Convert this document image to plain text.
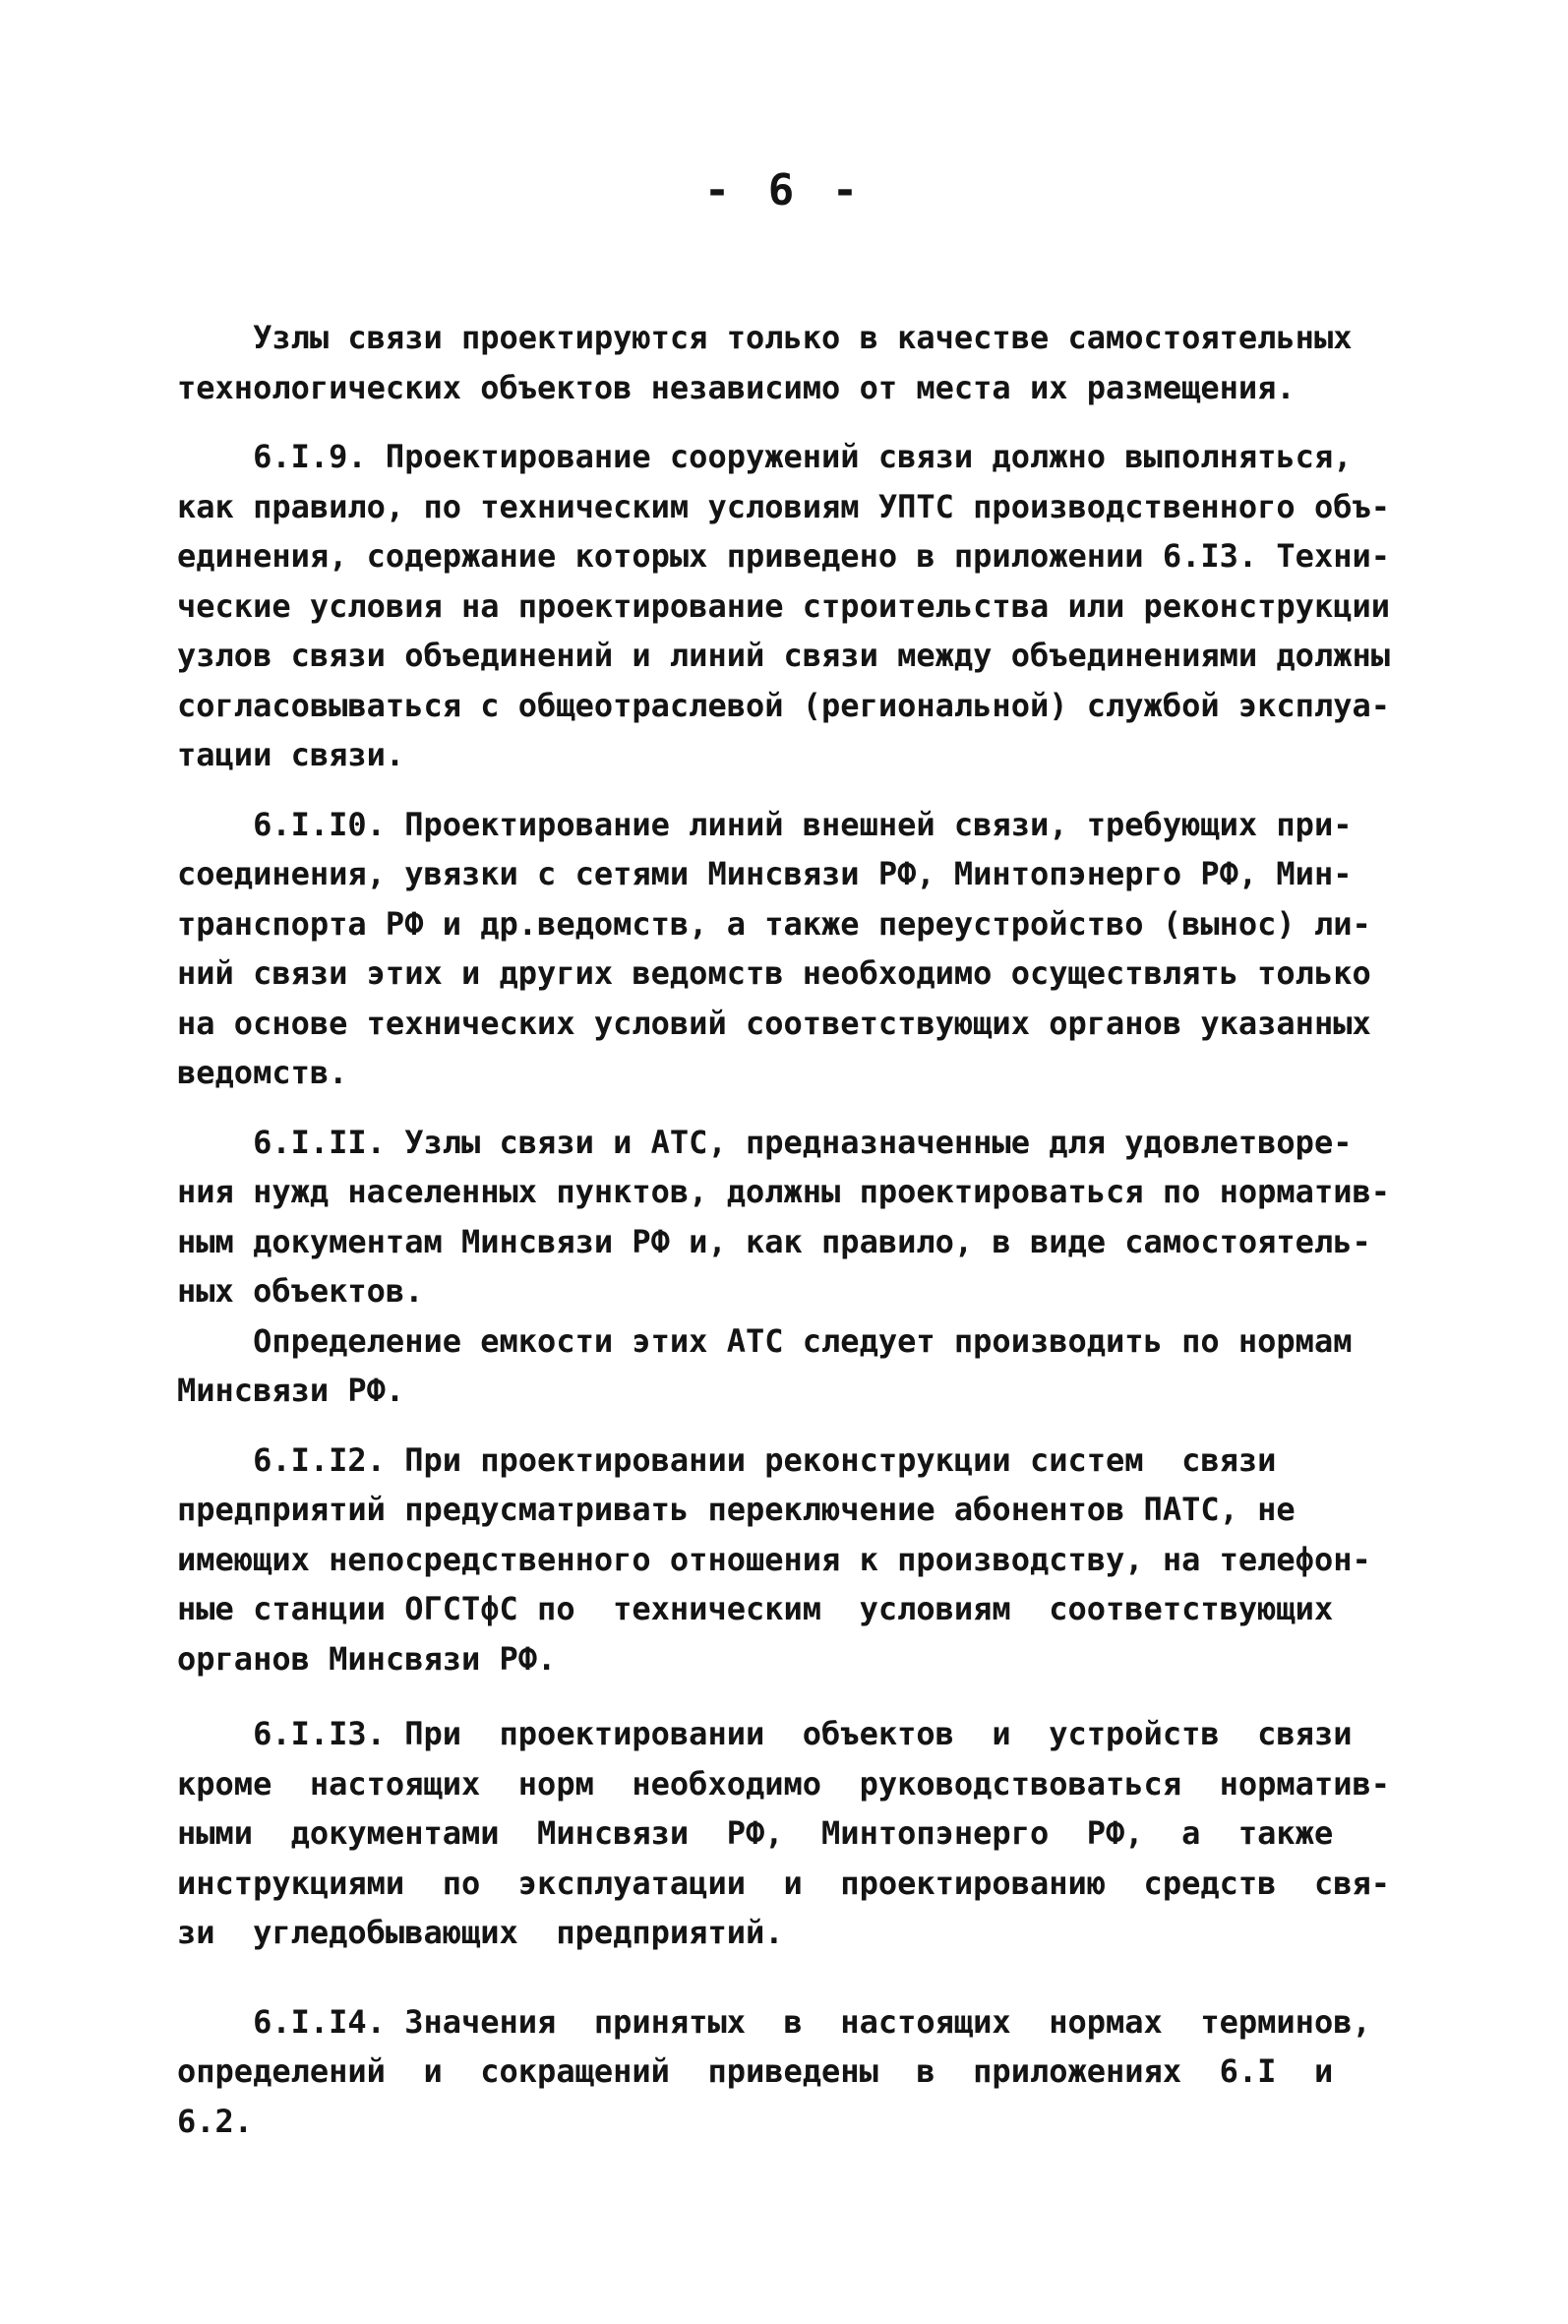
- 6 -
Узлы связи проектируются только в качестве самостоятельных
технологических объектов независимо от места их размещения.
6.I.9. Проектирование сооружений связи должно выполняться,
как правило, по техническим условиям УПТС производственного объ-
единения, содержание которых приведено в приложении 6.I3. Техни-
ческие условия на проектирование строительства или реконструкции
узлов связи объединений и линий связи между объединениями должны
согласовываться с общеотраслевой (региональной) службой эксплуа-
тации связи.
6.I.I0. Проектирование линий внешней связи, требующих при-
соединения, увязки с сетями Минсвязи РФ, Минтопэнерго РФ, Мин-
транспорта РФ и др.ведомств, а также переустройство (вынос) ли-
ний связи этих и других ведомств необходимо осуществлять только
на основе технических условий соответствующих органов указанных
ведомств.
6.I.II. Узлы связи и АТС, предназначенные для удовлетворе-
ния нужд населенных пунктов, должны проектироваться по норматив-
ным документам Минсвязи РФ и, как правило, в виде самостоятель-
ных объектов.
Определение емкости этих АТС следует производить по нормам
Минсвязи РФ.
6.I.I2. При проектировании реконструкции систем  связи
предприятий предусматривать переключение абонентов ПАТС, не
имеющих непосредственного отношения к производству, на телефон-
ные станции ОГСТфС по  техническим  условиям  соответствующих
органов Минсвязи РФ.
6.I.I3. При  проектировании  объектов  и  устройств  связи
кроме  настоящих  норм  необходимо  руководствоваться  норматив-
ными  документами  Минсвязи  РФ,  Минтопэнерго  РФ,  а  также
инструкциями  по  эксплуатации  и  проектированию  средств  свя-
зи  угледобывающих  предприятий.
6.I.I4. Значения  принятых  в  настоящих  нормах  терминов,
определений  и  сокращений  приведены  в  приложениях  6.I  и
6.2.
